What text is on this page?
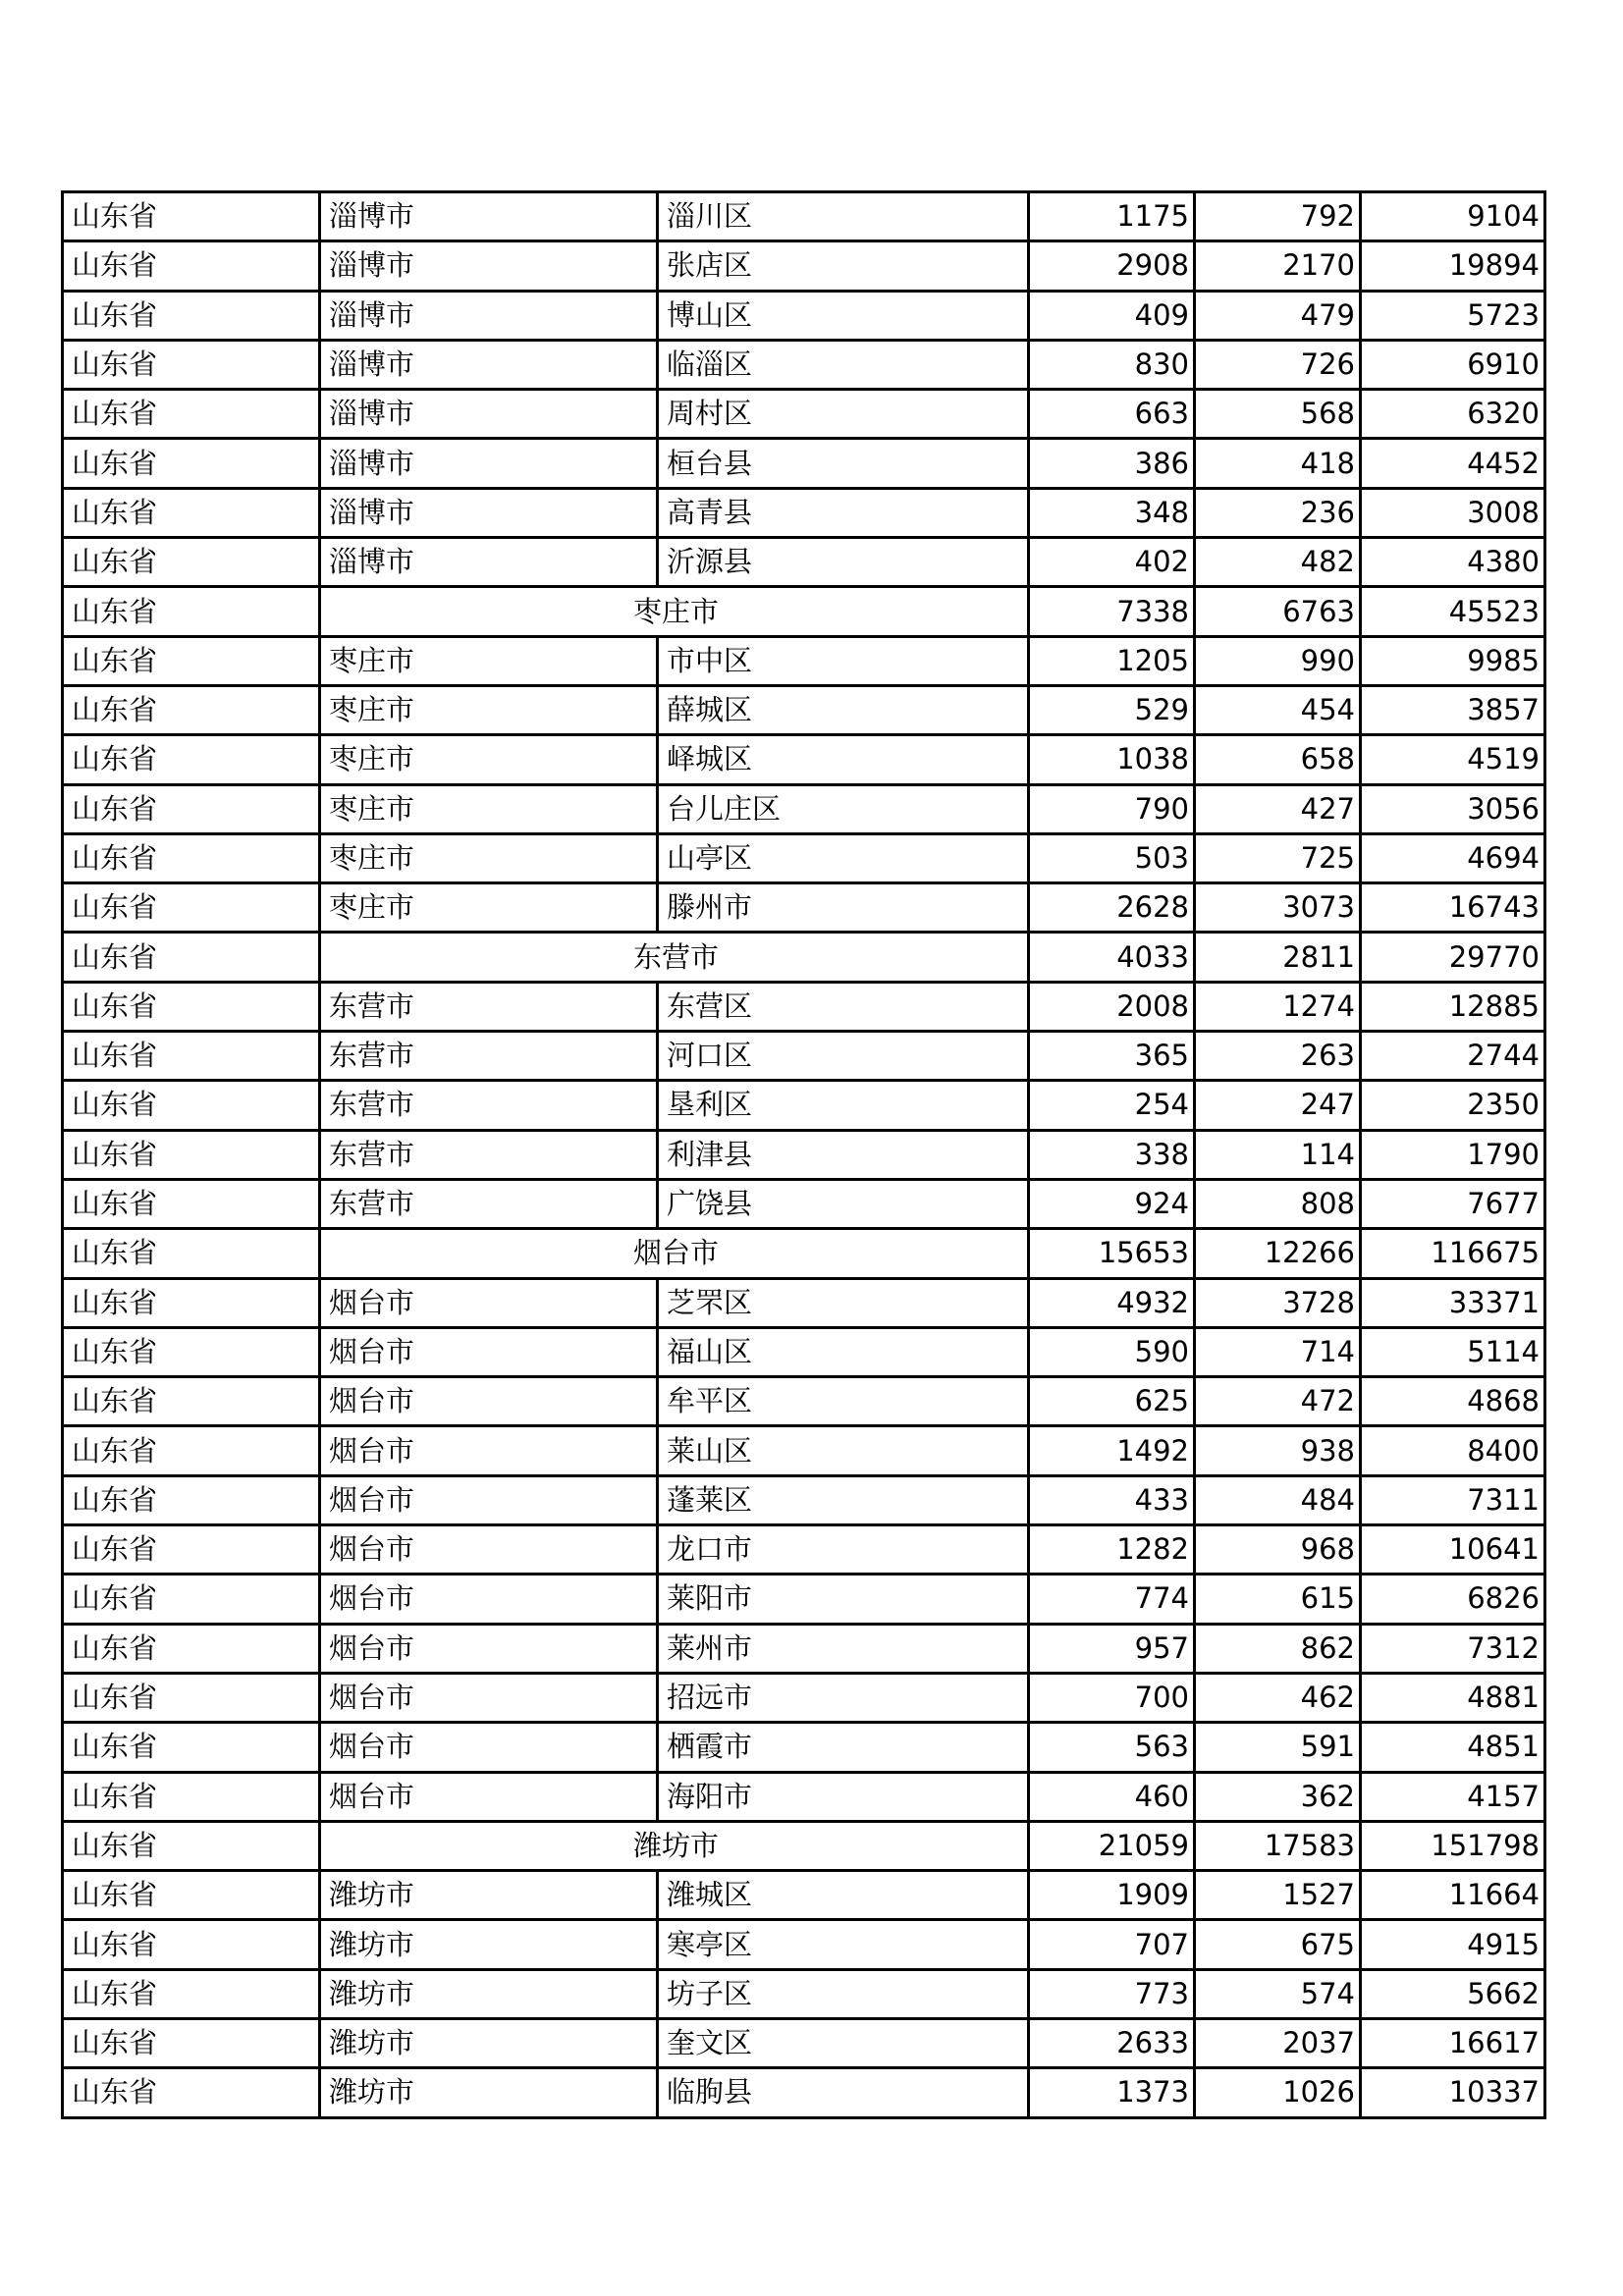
山东省	淄博市	淄川区	1175	792	9104
山东省	淄博市	张店区	2908	2170	19894
山东省	淄博市	博山区	409	479	5723
山东省	淄博市	临淄区	830	726	6910
山东省	淄博市	周村区	663	568	6320
山东省	淄博市	桓台县	386	418	4452
山东省	淄博市	高青县	348	236	3008
山东省	淄博市	沂源县	402	482	4380
山东省	枣庄市		7338	6763	45523
山东省	枣庄市	市中区	1205	990	9985
山东省	枣庄市	薛城区	529	454	3857
山东省	枣庄市	峄城区	1038	658	4519
山东省	枣庄市	台儿庄区	790	427	3056
山东省	枣庄市	山亭区	503	725	4694
山东省	枣庄市	滕州市	2628	3073	16743
山东省	东营市		4033	2811	29770
山东省	东营市	东营区	2008	1274	12885
山东省	东营市	河口区	365	263	2744
山东省	东营市	垦利区	254	247	2350
山东省	东营市	利津县	338	114	1790
山东省	东营市	广饶县	924	808	7677
山东省	烟台市		15653	12266	116675
山东省	烟台市	芝罘区	4932	3728	33371
山东省	烟台市	福山区	590	714	5114
山东省	烟台市	牟平区	625	472	4868
山东省	烟台市	莱山区	1492	938	8400
山东省	烟台市	蓬莱区	433	484	7311
山东省	烟台市	龙口市	1282	968	10641
山东省	烟台市	莱阳市	774	615	6826
山东省	烟台市	莱州市	957	862	7312
山东省	烟台市	招远市	700	462	4881
山东省	烟台市	栖霞市	563	591	4851
山东省	烟台市	海阳市	460	362	4157
山东省	潍坊市		21059	17583	151798
山东省	潍坊市	潍城区	1909	1527	11664
山东省	潍坊市	寒亭区	707	675	4915
山东省	潍坊市	坊子区	773	574	5662
山东省	潍坊市	奎文区	2633	2037	16617
山东省	潍坊市	临朐县	1373	1026	10337
